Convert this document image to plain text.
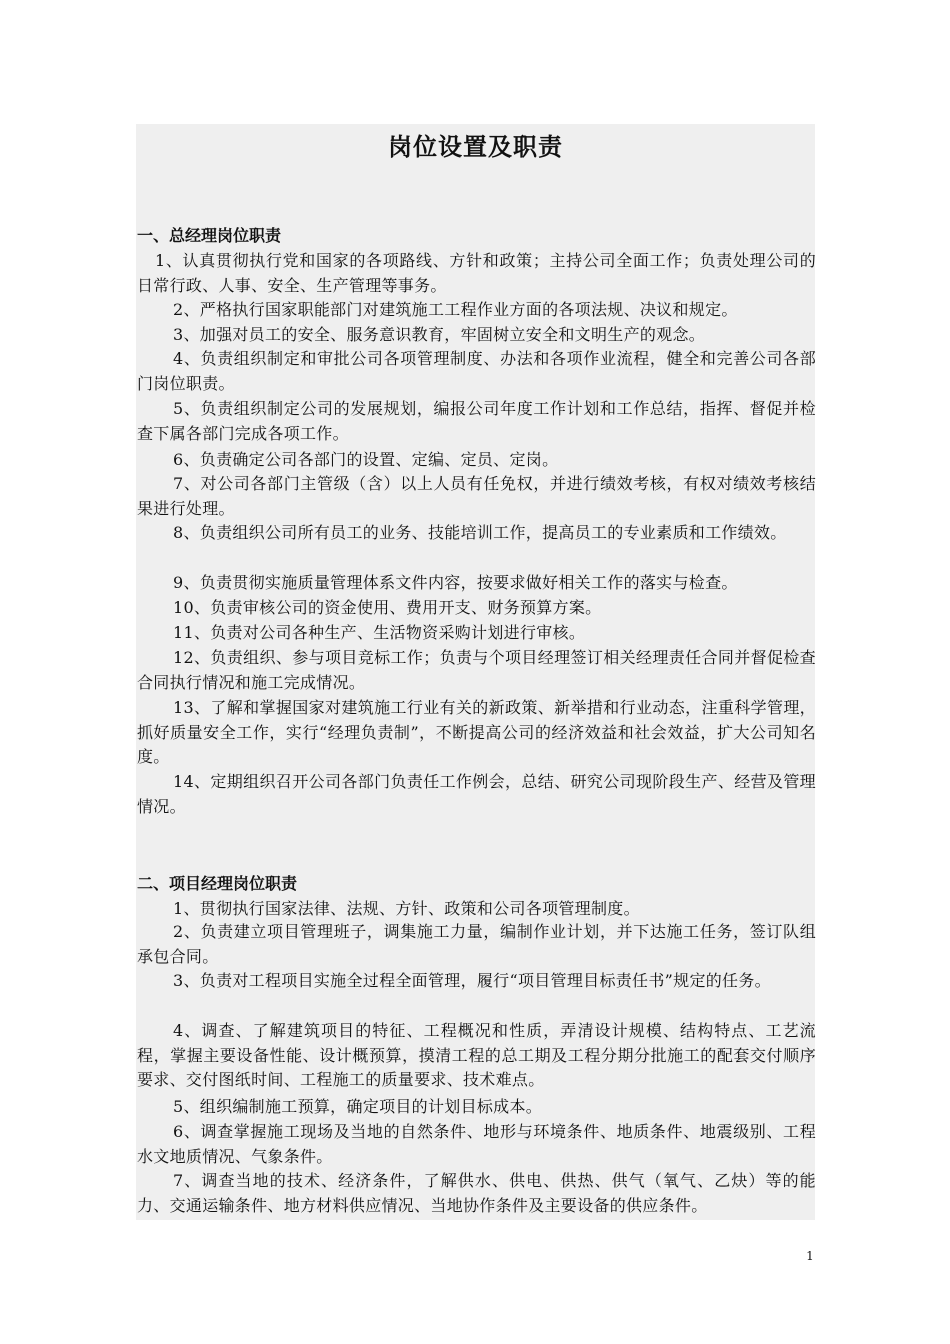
岗位设置及职责
一、总经理岗位职责
1、认真贯彻执行党和国家的各项路线、方针和政策；主持公司全面工作；负责处理公司的日常行政、人事、安全、生产管理等事务。
2、严格执行国家职能部门对建筑施工工程作业方面的各项法规、决议和规定。
3、加强对员工的安全、服务意识教育，牢固树立安全和文明生产的观念。
4、负责组织制定和审批公司各项管理制度、办法和各项作业流程，健全和完善公司各部门岗位职责。
5、负责组织制定公司的发展规划，编报公司年度工作计划和工作总结，指挥、督促并检查下属各部门完成各项工作。
6、负责确定公司各部门的设置、定编、定员、定岗。
7、对公司各部门主管级（含）以上人员有任免权，并进行绩效考核，有权对绩效考核结果进行处理。
8、负责组织公司所有员工的业务、技能培训工作，提高员工的专业素质和工作绩效。
9、负责贯彻实施质量管理体系文件内容，按要求做好相关工作的落实与检查。
10、负责审核公司的资金使用、费用开支、财务预算方案。
11、负责对公司各种生产、生活物资采购计划进行审核。
12、负责组织、参与项目竞标工作；负责与个项目经理签订相关经理责任合同并督促检查合同执行情况和施工完成情况。
13、了解和掌握国家对建筑施工行业有关的新政策、新举措和行业动态，注重科学管理，抓好质量安全工作，实行“经理负责制”，不断提高公司的经济效益和社会效益，扩大公司知名度。
14、定期组织召开公司各部门负责任工作例会，总结、研究公司现阶段生产、经营及管理情况。
二、项目经理岗位职责
1、贯彻执行国家法律、法规、方针、政策和公司各项管理制度。
2、负责建立项目管理班子，调集施工力量，编制作业计划，并下达施工任务，签订队组承包合同。
3、负责对工程项目实施全过程全面管理，履行“项目管理目标责任书”规定的任务。
4、调查、了解建筑项目的特征、工程概况和性质，弄清设计规模、结构特点、工艺流程，掌握主要设备性能、设计概预算，摸清工程的总工期及工程分期分批施工的配套交付顺序要求、交付图纸时间、工程施工的质量要求、技术难点。
5、组织编制施工预算，确定项目的计划目标成本。
6、调查掌握施工现场及当地的自然条件、地形与环境条件、地质条件、地震级别、工程水文地质情况、气象条件。
7、调查当地的技术、经济条件，了解供水、供电、供热、供气（氧气、乙炔）等的能力、交通运输条件、地方材料供应情况、当地协作条件及主要设备的供应条件。
1
